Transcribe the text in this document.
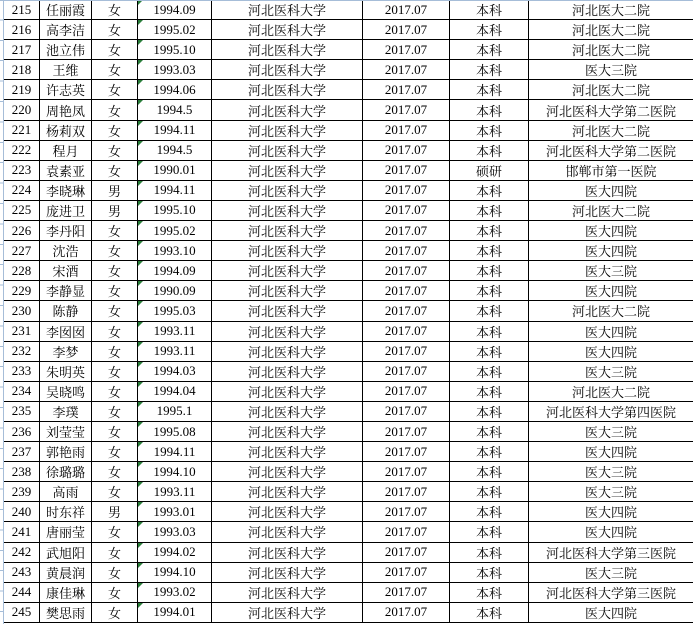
215	任丽霞	女	1994.09	河北医科大学	2017.07	本科	河北医大二院
216	高李洁	女	1995.02	河北医科大学	2017.07	本科	河北医大二院
217	池立伟	女	1995.10	河北医科大学	2017.07	本科	河北医大二院
218	王维	女	1993.03	河北医科大学	2017.07	本科	医大三院
219	许志英	女	1994.06	河北医科大学	2017.07	本科	河北医大二院
220	周艳凤	女	1994.5	河北医科大学	2017.07	本科	河北医科大学第二医院
221	杨莉双	女	1994.11	河北医科大学	2017.07	本科	河北医大二院
222	程月	女	1994.5	河北医科大学	2017.07	本科	河北医科大学第二医院
223	袁素亚	女	1990.01	河北医科大学	2017.07	硕研	邯郸市第一医院
224	李晓琳	男	1994.11	河北医科大学	2017.07	本科	医大四院
225	庞进卫	男	1995.10	河北医科大学	2017.07	本科	河北医大二院
226	李丹阳	女	1995.02	河北医科大学	2017.07	本科	医大四院
227	沈浩	女	1993.10	河北医科大学	2017.07	本科	医大四院
228	宋酒	女	1994.09	河北医科大学	2017.07	本科	医大三院
229	李静显	女	1990.09	河北医科大学	2017.07	本科	医大四院
230	陈静	女	1995.03	河北医科大学	2017.07	本科	河北医大二院
231	李囡囡	女	1993.11	河北医科大学	2017.07	本科	医大四院
232	李梦	女	1993.11	河北医科大学	2017.07	本科	医大四院
233	朱明英	女	1994.03	河北医科大学	2017.07	本科	医大三院
234	吴晓鸣	女	1994.04	河北医科大学	2017.07	本科	河北医大二院
235	李璞	女	1995.1	河北医科大学	2017.07	本科	河北医科大学第四医院
236	刘莹莹	女	1995.08	河北医科大学	2017.07	本科	医大三院
237	郭艳雨	女	1994.11	河北医科大学	2017.07	本科	医大四院
238	徐璐璐	女	1994.10	河北医科大学	2017.07	本科	医大三院
239	高雨	女	1993.11	河北医科大学	2017.07	本科	医大三院
240	时东祥	男	1993.01	河北医科大学	2017.07	本科	医大四院
241	唐丽莹	女	1993.03	河北医科大学	2017.07	本科	医大四院
242	武旭阳	女	1994.02	河北医科大学	2017.07	本科	河北医科大学第三医院
243	黄晨润	女	1994.10	河北医科大学	2017.07	本科	医大三院
244	康佳琳	女	1993.02	河北医科大学	2017.07	本科	河北医科大学第三医院
245	樊思雨	女	1994.01	河北医科大学	2017.07	本科	医大四院
